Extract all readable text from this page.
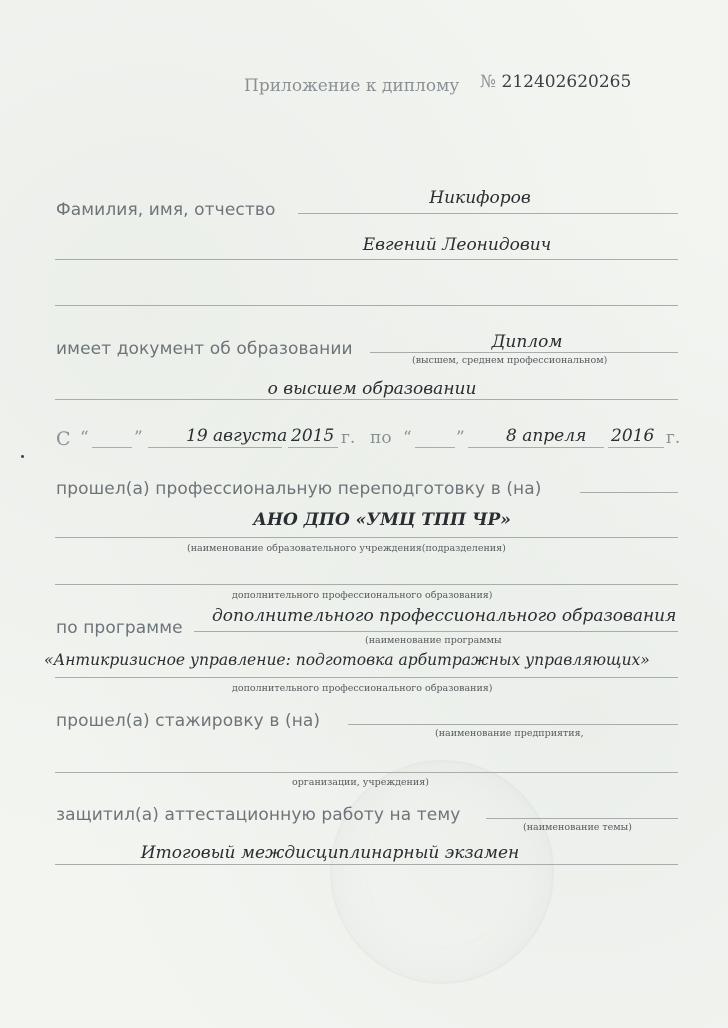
Приложение к диплому № 212402620265
Фамилия, имя, отчество
Никифоров
Евгений Леонидович
имеет документ об образовании	Диплом
(высшем, среднем профессиональном)
о высшем образовании
С “	”	19 августа 2015 г. по “	” 8 апреля 2016 г.
прошел(а) профессиональную переподготовку в (на)
АНО ДПО «УМЦ ТПП ЧР»
(наименование образовательного учреждения(подразделения)
дополнительного профессионального образования)
по программе
дополнительного профессионального образования
(наименование программы
«Антикризисное управление: подготовка арбитражных управляющих»
дополнительного профессионального образования)
прошел(а) стажировку в (на)
(наименование предприятия,
организации, учреждения)
защитил(а) аттестационную работу на тему
(наименование темы)
Итоговый междисциплинарный экзамен
